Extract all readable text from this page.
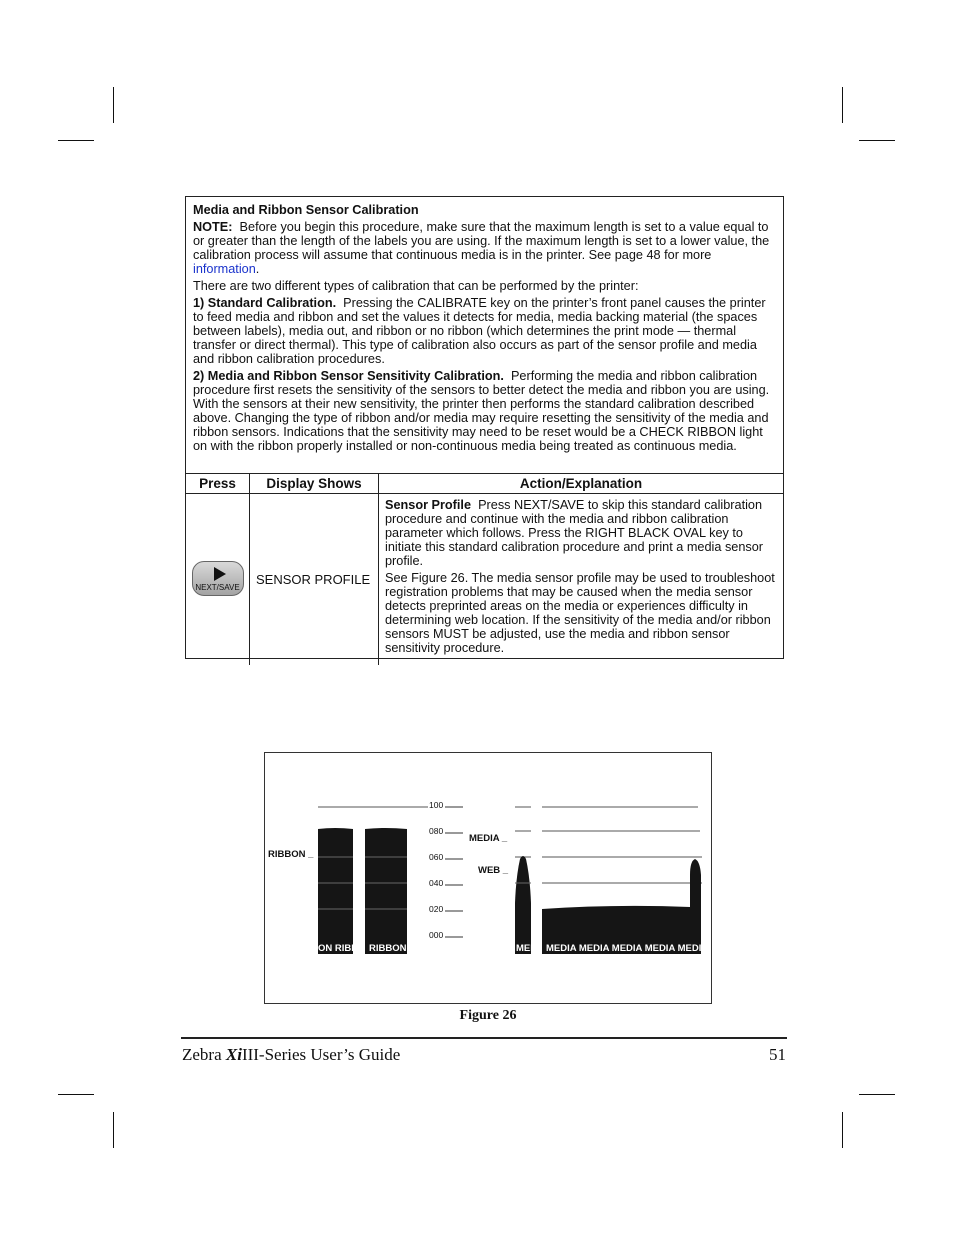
Media and Ribbon Sensor Calibration

NOTE: Before you begin this procedure, make sure that the maximum length is set to a value equal to or greater than the length of the labels you are using. If the maximum length is set to a lower value, the calibration process will assume that continuous media is in the printer. See page 48 for more information.

There are two different types of calibration that can be performed by the printer:

1) Standard Calibration. Pressing the CALIBRATE key on the printer’s front panel causes the printer to feed media and ribbon and set the values it detects for media, media backing material (the spaces between labels), media out, and ribbon or no ribbon (which determines the print mode — thermal transfer or direct thermal). This type of calibration also occurs as part of the sensor profile and media and ribbon calibration procedures.

2) Media and Ribbon Sensor Sensitivity Calibration. Performing the media and ribbon calibration procedure first resets the sensitivity of the sensors to better detect the media and ribbon you are using. With the sensors at their new sensitivity, the printer then performs the standard calibration described above. Changing the type of ribbon and/or media may require resetting the sensitivity of the media and ribbon sensors. Indications that the sensitivity may need to be reset would be a CHECK RIBBON light on with the ribbon properly installed or non-continuous media being treated as continuous media.

Press	Display Shows	Action/Explanation

NEXT/SAVE	SENSOR PROFILE	Sensor Profile Press NEXT/SAVE to skip this standard calibration procedure and continue with the media and ribbon calibration parameter which follows. Press the RIGHT BLACK OVAL key to initiate this standard calibration procedure and print a media sensor profile.

See Figure 26. The media sensor profile may be used to troubleshoot registration problems that may be caused when the media sensor detects preprinted areas on the media or experiences difficulty in determining web location. If the sensitivity of the media and/or ribbon sensors MUST be adjusted, use the media and ribbon sensor sensitivity procedure.

ON RIBB RIBBON	MED MEDIA MEDIA MEDIA MEDIA MEDIA
100
080
060
040
020
000
RIBBON _
MEDIA _
WEB _
Figure 26
Zebra XiIII-Series User’s Guide	51
